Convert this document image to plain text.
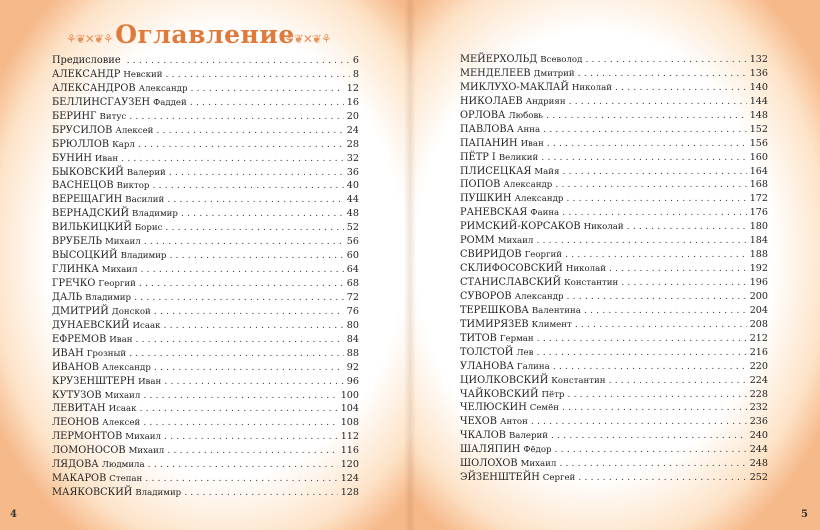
⚘❦✕❦⚘ Оглавление
⚘❦✕❦⚘
Предисловие . . .	6
АЛЕКСАНДР Невский . . .	8
АЛЕКСАНДРОВ Александр . . .	12
БЕЛЛИНСГАУЗЕН Фаддей . . .	16
БЕРИНГ Витус . . .	20
БРУСИЛОВ Алексей . . .	24
БРЮЛЛОВ Карл . . .	28
БУНИН Иван . . .	32
БЫКОВСКИЙ Валерий . . .	36
ВАСНЕЦОВ Виктор . . .	40
ВЕРЕЩАГИН Василий . . .	44
ВЕРНАДСКИЙ Владимир . . .	48
ВИЛЬКИЦКИЙ Борис . . .	52
ВРУБЕЛЬ Михаил . . .	56
ВЫСОЦКИЙ Владимир . . .	60
ГЛИНКА Михаил . . .	64
ГРЕЧКО Георгий . . .	68
ДАЛЬ Владимир . . .	72
ДМИТРИЙ Донской . . .	76
ДУНАЕВСКИЙ Исаак . . .	80
ЕФРЕМОВ Иван . . .	84
ИВАН Грозный . . .	88
ИВАНОВ Александр . . .	92
КРУЗЕНШТЕРН Иван . . .	96
КУТУЗОВ Михаил . . .	100
ЛЕВИТАН Исаак . . .	104
ЛЕОНОВ Алексей . . .	108
ЛЕРМОНТОВ Михаил . . .	112
ЛОМОНОСОВ Михаил . . .	116
ЛЯДОВА Людмила . . .	120
МАКАРОВ Степан . . .	124
МАЯКОВСКИЙ Владимир . . .	128
4
МЕЙЕРХОЛЬД Всеволод . . .	132
МЕНДЕЛЕЕВ Дмитрий . . .	136
МИКЛУХО-МАКЛАЙ Николай . . .	140
НИКОЛАЕВ Андриян . . .	144
ОРЛОВА Любовь . . .	148
ПАВЛОВА Анна . . .	152
ПАПАНИН Иван . . .	156
ПЁТР I Великий . . .	160
ПЛИСЕЦКАЯ Майя . . .	164
ПОПОВ Александр . . .	168
ПУШКИН Александр . . .	172
РАНЕВСКАЯ Фаина . . .	176
РИМСКИЙ-КОРСАКОВ Николай . . .	180
РОММ Михаил . . .	184
СВИРИДОВ Георгий . . .	188
СКЛИФОСОВСКИЙ Николай . . .	192
СТАНИСЛАВСКИЙ Константин . . .	196
СУВОРОВ Александр . . .	200
ТЕРЕШКОВА Валентина . . .	204
ТИМИРЯЗЕВ Климент . . .	208
ТИТОВ Герман . . .	212
ТОЛСТОЙ Лев . . .	216
УЛАНОВА Галина . . .	220
ЦИОЛКОВСКИЙ Константин . . .	224
ЧАЙКОВСКИЙ Пётр . . .	228
ЧЕЛЮСКИН Семён . . .	232
ЧЕХОВ Антон . . .	236
ЧКАЛОВ Валерий . . .	240
ШАЛЯПИН Фёдор . . .	244
ШОЛОХОВ Михаил . . .	248
ЭЙЗЕНШТЕЙН Сергей . . .	252
5
